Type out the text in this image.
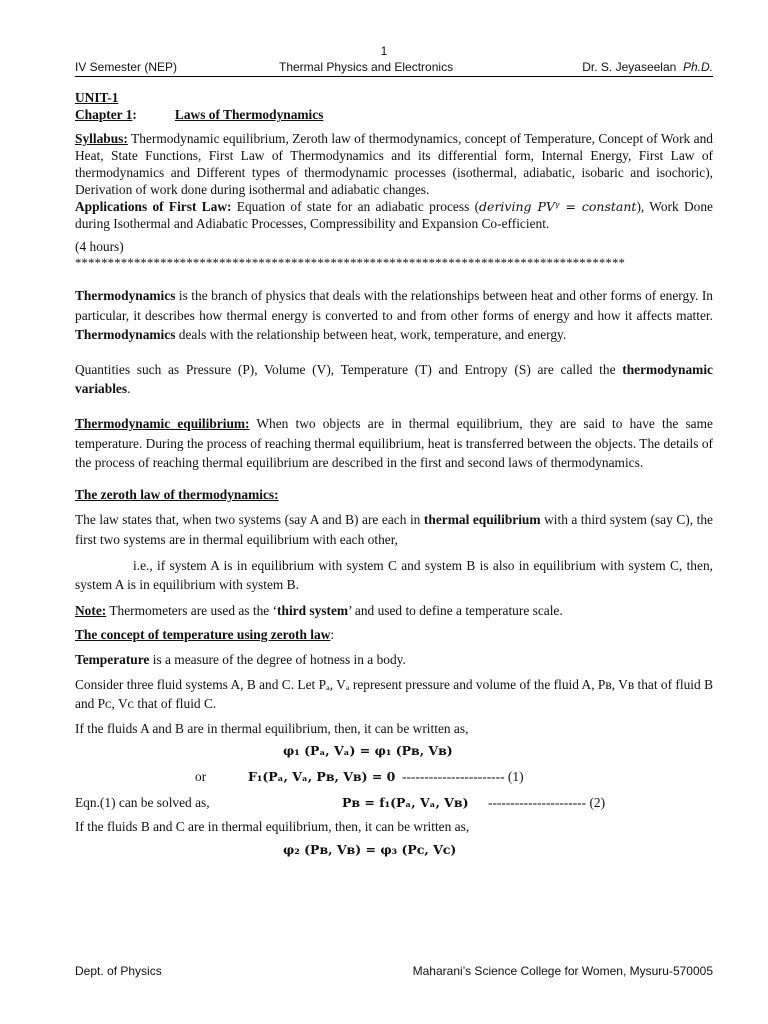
1
IV Semester (NEP)	Thermal Physics and Electronics	Dr. S. Jeyaseelan Ph.D.

UNIT-1

Chapter 1:	Laws of Thermodynamics

Syllabus: Thermodynamic equilibrium, Zeroth law of thermodynamics, concept of Temperature, Concept of Work and Heat, State Functions, First Law of Thermodynamics and its differential form, Internal Energy, First Law of thermodynamics and Different types of thermodynamic processes (isothermal, adiabatic, isobaric and isochoric), Derivation of work done during isothermal and adiabatic changes.

Applications of First Law: Equation of state for an adiabatic process (deriving PVᵞ = constant), Work Done during Isothermal and Adiabatic Processes, Compressibility and Expansion Co-efficient.

(4 hours)

************************************************************************************

Thermodynamics is the branch of physics that deals with the relationships between heat and other forms of energy. In particular, it describes how thermal energy is converted to and from other forms of energy and how it affects matter. Thermodynamics deals with the relationship between heat, work, temperature, and energy.

Quantities such as Pressure (P), Volume (V), Temperature (T) and Entropy (S) are called the thermodynamic variables.

Thermodynamic equilibrium: When two objects are in thermal equilibrium, they are said to have the same temperature. During the process of reaching thermal equilibrium, heat is transferred between the objects. The details of the process of reaching thermal equilibrium are described in the first and second laws of thermodynamics.

The zeroth law of thermodynamics:

The law states that, when two systems (say A and B) are each in thermal equilibrium with a third system (say C), the first two systems are in thermal equilibrium with each other,

i.e., if system A is in equilibrium with system C and system B is also in equilibrium with system C, then, system A is in equilibrium with system B.

Note: Thermometers are used as the ‘third system’ and used to define a temperature scale.

The concept of temperature using zeroth law:

Temperature is a measure of the degree of hotness in a body.

Consider three fluid systems A, B and C. Let Pₐ, Vₐ represent pressure and volume of the fluid A, Pʙ, Vʙ that of fluid B and Pᴄ, Vᴄ that of fluid C.

If the fluids A and B are in thermal equilibrium, then, it can be written as,

φ₁ (Pₐ, Vₐ) = φ₁ (Pʙ, Vʙ)
or	F₁(Pₐ, Vₐ, Pʙ, Vʙ) = 0 ----------------------- (1)
Eqn.(1) can be solved as,	Pʙ = f₁(Pₐ, Vₐ, Vʙ) ---------------------- (2)

If the fluids B and C are in thermal equilibrium, then, it can be written as,

φ₂ (Pʙ, Vʙ) = φ₃ (Pᴄ, Vᴄ)
Dept. of Physics	Maharani’s Science College for Women, Mysuru-570005
